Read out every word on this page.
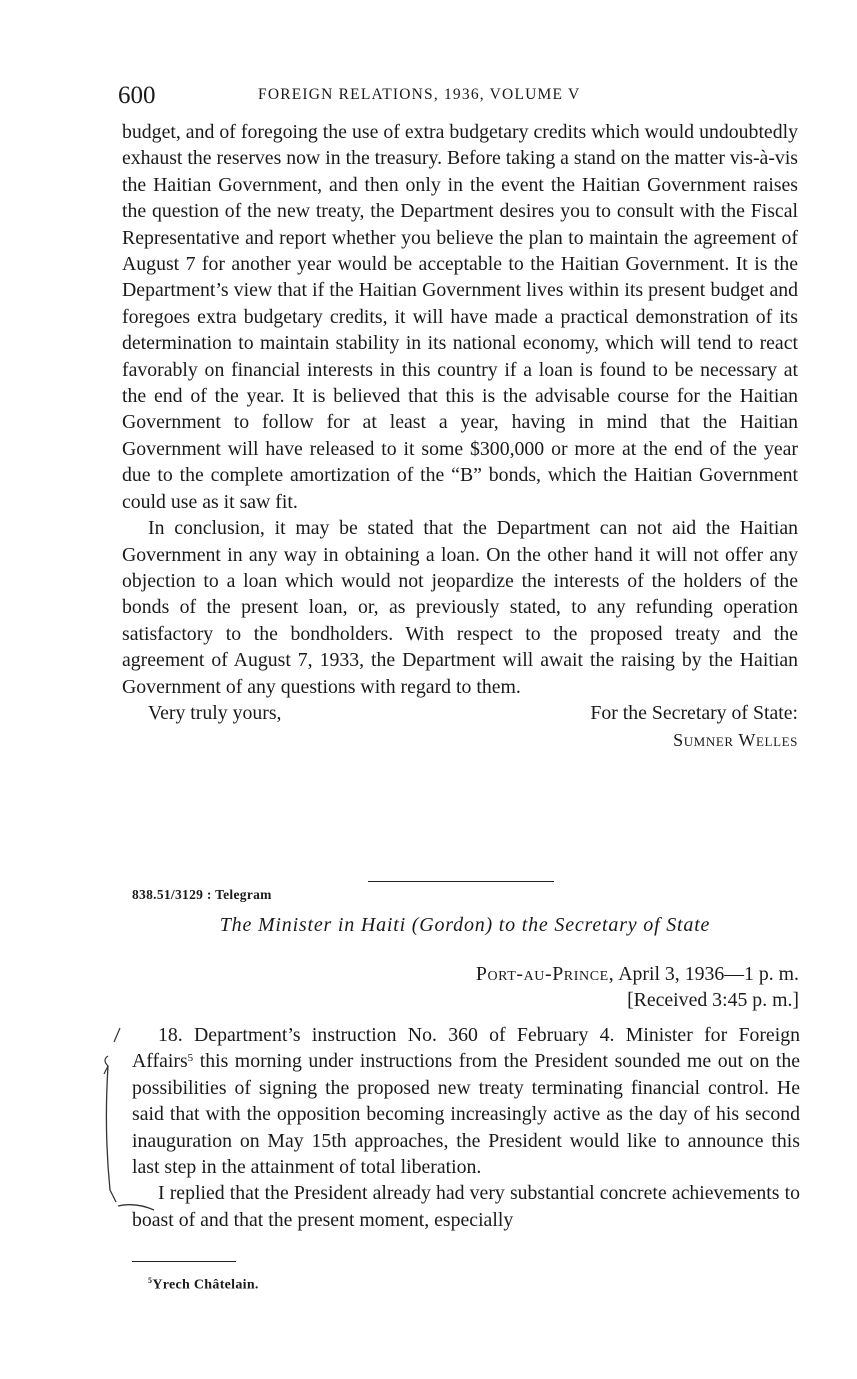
600	FOREIGN RELATIONS, 1936, VOLUME V

budget, and of foregoing the use of extra budgetary credits which would undoubtedly exhaust the reserves now in the treasury. Before taking a stand on the matter vis-à-vis the Haitian Government, and then only in the event the Haitian Government raises the question of the new treaty, the Department desires you to consult with the Fiscal Representative and report whether you believe the plan to maintain the agreement of August 7 for another year would be acceptable to the Haitian Government. It is the Department’s view that if the Haitian Government lives within its present budget and foregoes extra budgetary credits, it will have made a practical demonstration of its determination to maintain stability in its national economy, which will tend to react favorably on financial interests in this country if a loan is found to be necessary at the end of the year. It is believed that this is the advisable course for the Haitian Government to follow for at least a year, having in mind that the Haitian Government will have released to it some $300,000 or more at the end of the year due to the complete amortization of the “B” bonds, which the Haitian Government could use as it saw fit.

In conclusion, it may be stated that the Department can not aid the Haitian Government in any way in obtaining a loan. On the other hand it will not offer any objection to a loan which would not jeopardize the interests of the holders of the bonds of the present loan, or, as previously stated, to any refunding operation satisfactory to the bondholders. With respect to the proposed treaty and the agreement of August 7, 1933, the Department will await the raising by the Haitian Government of any questions with regard to them.

Very truly yours,	For the Secretary of State:
Sumner Welles
838.51/3129 : Telegram
The Minister in Haiti (Gordon) to the Secretary of State
Port-au-Prince, April 3, 1936—1 p. m.
[Received 3:45 p. m.]

18. Department’s instruction No. 360 of February 4. Minister for Foreign Affairs$^5$ this morning under instructions from the President sounded me out on the possibilities of signing the proposed new treaty terminating financial control. He said that with the opposition becoming increasingly active as the day of his second inauguration on May 15th approaches, the President would like to announce this last step in the attainment of total liberation.

I replied that the President already had very substantial concrete achievements to boast of and that the present moment, especially

$^5$Yrech Châtelain.
